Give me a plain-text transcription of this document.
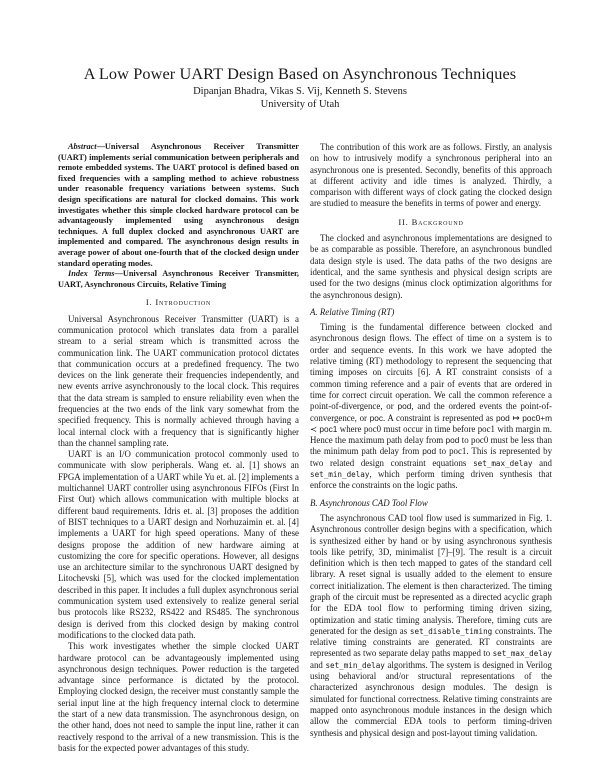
A Low Power UART Design Based on Asynchronous Techniques
Dipanjan Bhadra, Vikas S. Vij, Kenneth S. Stevens
University of Utah

Abstract—Universal Asynchronous Receiver Transmitter (UART) implements serial communication between peripherals and remote embedded systems. The UART protocol is defined based on fixed frequencies with a sampling method to achieve robustness under reasonable frequency variations between systems. Such design specifications are natural for clocked domains. This work investigates whether this simple clocked hardware protocol can be advantageously implemented using asynchronous design techniques. A full duplex clocked and asynchronous UART are implemented and compared. The asynchronous design results in average power of about one-fourth that of the clocked design under standard operating modes.

Index Terms—Universal Asynchronous Receiver Transmitter, UART, Asynchronous Circuits, Relative Timing

I. Introduction

Universal Asynchronous Receiver Transmitter (UART) is a communication protocol which translates data from a parallel stream to a serial stream which is transmitted across the communication link. The UART communication protocol dictates that communication occurs at a predefined frequency. The two devices on the link generate their frequencies independently, and new events arrive asynchronously to the local clock. This requires that the data stream is sampled to ensure reliability even when the frequencies at the two ends of the link vary somewhat from the specified frequency. This is normally achieved through having a local internal clock with a frequency that is significantly higher than the channel sampling rate.

UART is an I/O communication protocol commonly used to communicate with slow peripherals. Wang et. al. [1] shows an FPGA implementation of a UART while Yu et. al. [2] implements a multichannel UART controller using asynchronous FIFOs (First In First Out) which allows communication with multiple blocks at different baud requirements. Idris et. al. [3] proposes the addition of BIST techniques to a UART design and Norhuzaimin et. al. [4] implements a UART for high speed operations. Many of these designs propose the addition of new hardware aiming at customizing the core for specific operations. However, all designs use an architecture similar to the synchronous UART designed by Litochevski [5], which was used for the clocked implementation described in this paper. It includes a full duplex asynchronous serial communication system used extensively to realize general serial bus protocols like RS232, RS422 and RS485. The synchronous design is derived from this clocked design by making control modifications to the clocked data path.

This work investigates whether the simple clocked UART hardware protocol can be advantageously implemented using asynchronous design techniques. Power reduction is the targeted advantage since performance is dictated by the protocol. Employing clocked design, the receiver must constantly sample the serial input line at the high frequency internal clock to determine the start of a new data transmission. The asynchronous design, on the other hand, does not need to sample the input line, rather it can reactively respond to the arrival of a new transmission. This is the basis for the expected power advantages of this study.

The contribution of this work are as follows. Firstly, an analysis on how to intrusively modify a synchronous peripheral into an asynchronous one is presented. Secondly, benefits of this approach at different activity and idle times is analyzed. Thirdly, a comparison with different ways of clock gating the clocked design are studied to measure the benefits in terms of power and energy.

II. Background

The clocked and asynchronous implementations are designed to be as comparable as possible. Therefore, an asynchronous bundled data design style is used. The data paths of the two designs are identical, and the same synthesis and physical design scripts are used for the two designs (minus clock optimization algorithms for the asynchronous design).

A. Relative Timing (RT)

Timing is the fundamental difference between clocked and asynchronous design flows. The effect of time on a system is to order and sequence events. In this work we have adopted the relative timing (RT) methodology to represent the sequencing that timing imposes on circuits [6]. A RT constraint consists of a common timing reference and a pair of events that are ordered in time for correct circuit operation. We call the common reference a point-of-divergence, or pod, and the ordered events the point-of-convergence, or poc. A constraint is represented as pod ↦ poc0+m ≺ poc1 where poc0 must occur in time before poc1 with margin m. Hence the maximum path delay from pod to poc0 must be less than the minimum path delay from pod to poc1. This is represented by two related design constraint equations set_max_delay and set_min_delay, which perform timing driven synthesis that enforce the constraints on the logic paths.

B. Asynchronous CAD Tool Flow

The asynchronous CAD tool flow used is summarized in Fig. 1. Asynchronous controller design begins with a specification, which is synthesized either by hand or by using asynchronous synthesis tools like petrify, 3D, minimalist [7]–[9]. The result is a circuit definition which is then tech mapped to gates of the standard cell library. A reset signal is usually added to the element to ensure correct initialization. The element is then characterized. The timing graph of the circuit must be represented as a directed acyclic graph for the EDA tool flow to performing timing driven sizing, optimization and static timing analysis. Therefore, timing cuts are generated for the design as set_disable_timing constraints. The relative timing constraints are generated. RT constraints are represented as two separate delay paths mapped to set_max_delay and set_min_delay algorithms. The system is designed in Verilog using behavioral and/or structural representations of the characterized asynchronous design modules. The design is simulated for functional correctness. Relative timing constraints are mapped onto asynchronous module instances in the design which allow the commercial EDA tools to perform timing-driven synthesis and physical design and post-layout timing validation.
